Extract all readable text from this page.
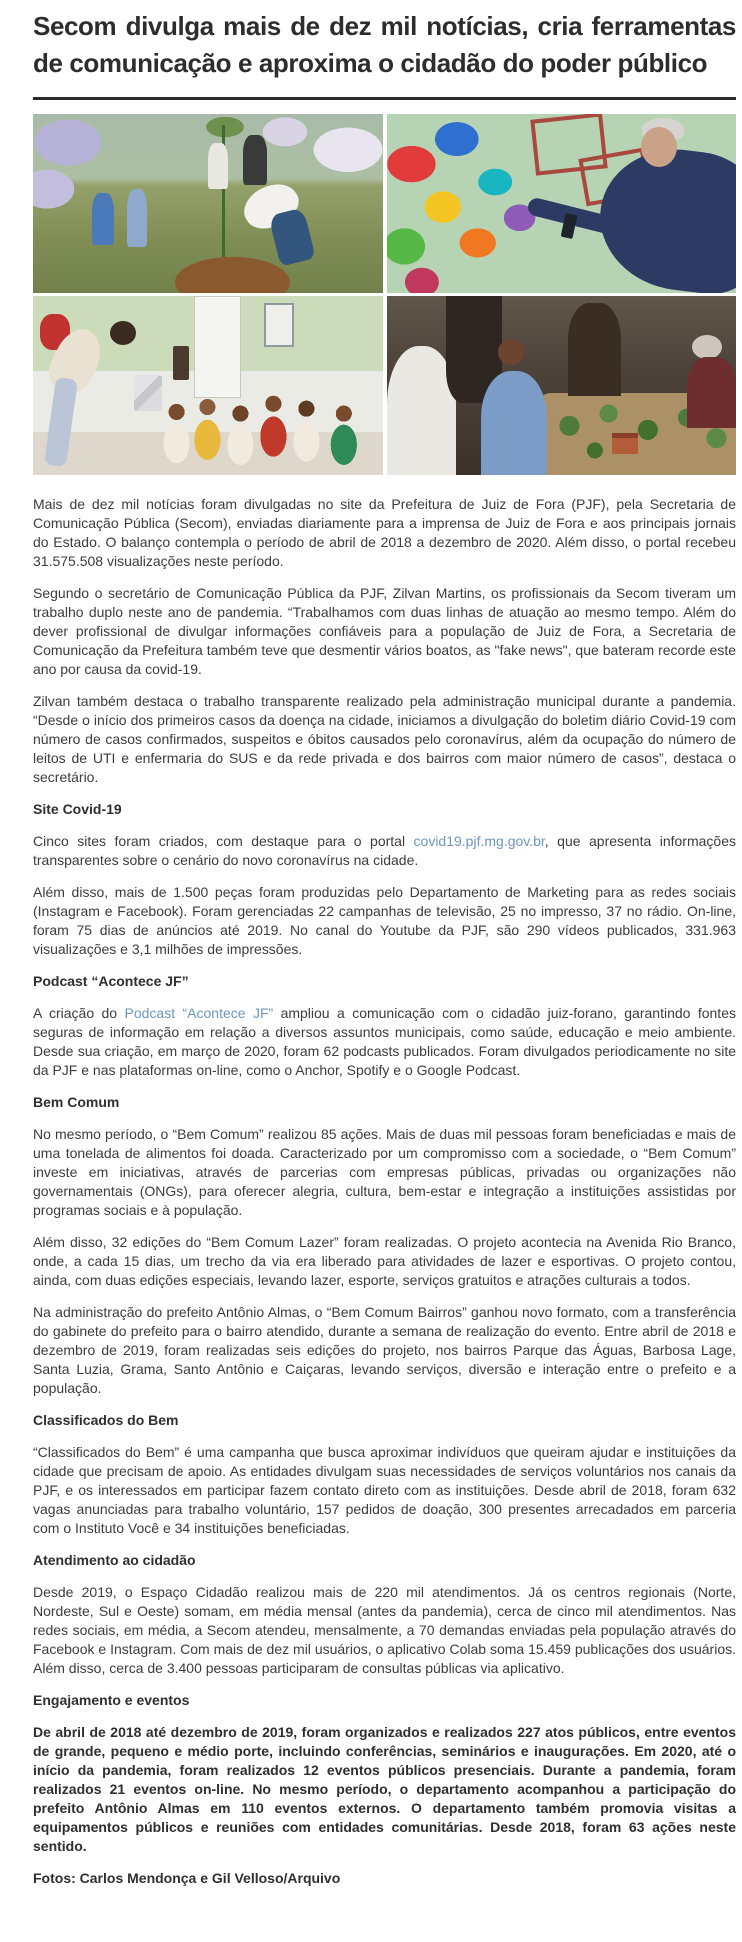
Secom divulga mais de dez mil notícias, cria ferramentas de comunicação e aproxima o cidadão do poder público

Mais de dez mil notícias foram divulgadas no site da Prefeitura de Juiz de Fora (PJF), pela Secretaria de Comunicação Pública (Secom), enviadas diariamente para a imprensa de Juiz de Fora e aos principais jornais do Estado. O balanço contempla o período de abril de 2018 a dezembro de 2020. Além disso, o portal recebeu 31.575.508 visualizações neste período.

Segundo o secretário de Comunicação Pública da PJF, Zilvan Martins, os profissionais da Secom tiveram um trabalho duplo neste ano de pandemia. “Trabalhamos com duas linhas de atuação ao mesmo tempo. Além do dever profissional de divulgar informações confiáveis para a população de Juiz de Fora, a Secretaria de Comunicação da Prefeitura também teve que desmentir vários boatos, as "fake news", que bateram recorde este ano por causa da covid-19.

Zilvan também destaca o trabalho transparente realizado pela administração municipal durante a pandemia. “Desde o início dos primeiros casos da doença na cidade, iniciamos a divulgação do boletim diário Covid-19 com número de casos confirmados, suspeitos e óbitos causados pelo coronavírus, além da ocupação do número de leitos de UTI e enfermaria do SUS e da rede privada e dos bairros com maior número de casos”, destaca o secretário.

Site Covid-19

Cinco sites foram criados, com destaque para o portal covid19.pjf.mg.gov.br, que apresenta informações transparentes sobre o cenário do novo coronavírus na cidade.

Além disso, mais de 1.500 peças foram produzidas pelo Departamento de Marketing para as redes sociais (Instagram e Facebook). Foram gerenciadas 22 campanhas de televisão, 25 no impresso, 37 no rádio. On-line, foram 75 dias de anúncios até 2019. No canal do Youtube da PJF, são 290 vídeos publicados, 331.963 visualizações e 3,1 milhões de impressões.

Podcast “Acontece JF”

A criação do Podcast “Acontece JF” ampliou a comunicação com o cidadão juiz-forano, garantindo fontes seguras de informação em relação a diversos assuntos municipais, como saúde, educação e meio ambiente. Desde sua criação, em março de 2020, foram 62 podcasts publicados. Foram divulgados periodicamente no site da PJF e nas plataformas on-line, como o Anchor, Spotify e o Google Podcast.

Bem Comum

No mesmo período, o “Bem Comum” realizou 85 ações. Mais de duas mil pessoas foram beneficiadas e mais de uma tonelada de alimentos foi doada. Caracterizado por um compromisso com a sociedade, o “Bem Comum” investe em iniciativas, através de parcerias com empresas públicas, privadas ou organizações não governamentais (ONGs), para oferecer alegria, cultura, bem-estar e integração a instituições assistidas por programas sociais e à população.

Além disso, 32 edições do “Bem Comum Lazer” foram realizadas. O projeto acontecia na Avenida Rio Branco, onde, a cada 15 dias, um trecho da via era liberado para atividades de lazer e esportivas. O projeto contou, ainda, com duas edições especiais, levando lazer, esporte, serviços gratuitos e atrações culturais a todos.

Na administração do prefeito Antônio Almas, o “Bem Comum Bairros” ganhou novo formato, com a transferência do gabinete do prefeito para o bairro atendido, durante a semana de realização do evento. Entre abril de 2018 e dezembro de 2019, foram realizadas seis edições do projeto, nos bairros Parque das Águas, Barbosa Lage, Santa Luzia, Grama, Santo Antônio e Caiçaras, levando serviços, diversão e interação entre o prefeito e a população.

Classificados do Bem

“Classificados do Bem” é uma campanha que busca aproximar indivíduos que queiram ajudar e instituições da cidade que precisam de apoio. As entidades divulgam suas necessidades de serviços voluntários nos canais da PJF, e os interessados em participar fazem contato direto com as instituições. Desde abril de 2018, foram 632 vagas anunciadas para trabalho voluntário, 157 pedidos de doação, 300 presentes arrecadados em parceria com o Instituto Você e 34 instituições beneficiadas.

Atendimento ao cidadão

Desde 2019, o Espaço Cidadão realizou mais de 220 mil atendimentos. Já os centros regionais (Norte, Nordeste, Sul e Oeste) somam, em média mensal (antes da pandemia), cerca de cinco mil atendimentos. Nas redes sociais, em média, a Secom atendeu, mensalmente, a 70 demandas enviadas pela população através do Facebook e Instagram. Com mais de dez mil usuários, o aplicativo Colab soma 15.459 publicações dos usuários. Além disso, cerca de 3.400 pessoas participaram de consultas públicas via aplicativo.

Engajamento e eventos

De abril de 2018 até dezembro de 2019, foram organizados e realizados 227 atos públicos, entre eventos de grande, pequeno e médio porte, incluindo conferências, seminários e inaugurações. Em 2020, até o início da pandemia, foram realizados 12 eventos públicos presenciais. Durante a pandemia, foram realizados 21 eventos on-line. No mesmo período, o departamento acompanhou a participação do prefeito Antônio Almas em 110 eventos externos. O departamento também promovia visitas a equipamentos públicos e reuniões com entidades comunitárias. Desde 2018, foram 63 ações neste sentido.

Fotos: Carlos Mendonça e Gil Velloso/Arquivo
